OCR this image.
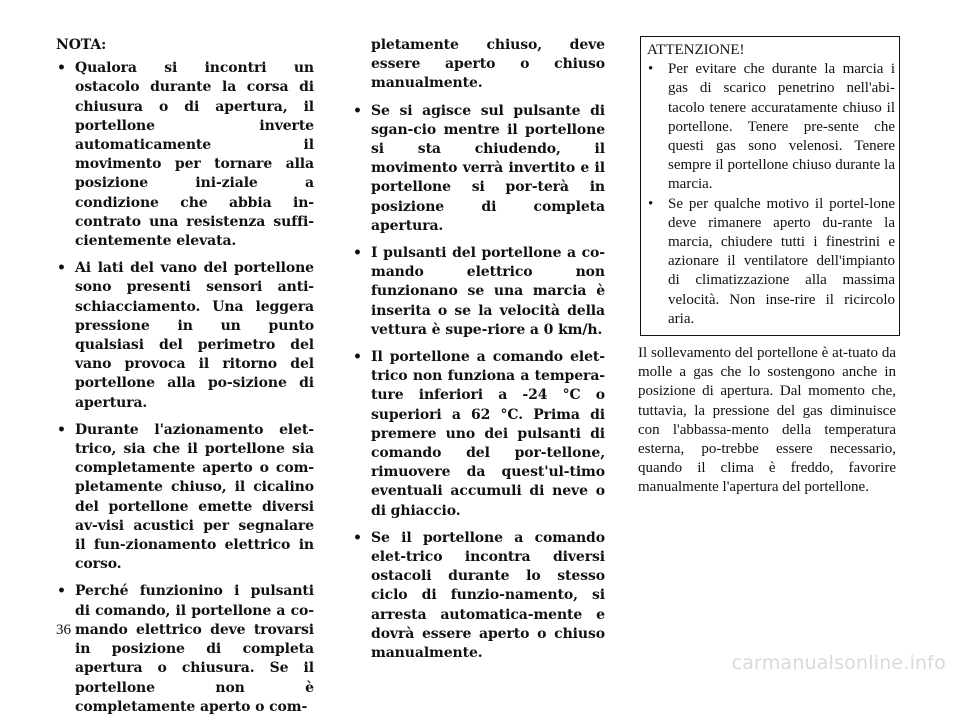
NOTA:
• Qualora si incontri un ostacolo durante la corsa di chiusura o di apertura, il portellone inverte automaticamente il movimento per tornare alla posizione ini-ziale a condizione che abbia in-contrato una resistenza suffi-cientemente elevata.
• Ai lati del vano del portellone sono presenti sensori anti-schiacciamento. Una leggera pressione in un punto qualsiasi del perimetro del vano provoca il ritorno del portellone alla po-sizione di apertura.
• Durante l'azionamento elet-trico, sia che il portellone sia completamente aperto o com-pletamente chiuso, il cicalino del portellone emette diversi av-visi acustici per segnalare il fun-zionamento elettrico in corso.
• Perché funzionino i pulsanti di comando, il portellone a co-mando elettrico deve trovarsi in posizione di completa apertura o chiusura. Se il portellone non è completamente aperto o com-
pletamente chiuso, deve essere aperto o chiuso manualmente.
• Se si agisce sul pulsante di sgan-cio mentre il portellone si sta chiudendo, il movimento verrà invertito e il portellone si por-terà in posizione di completa apertura.
• I pulsanti del portellone a co-mando elettrico non funzionano se una marcia è inserita o se la velocità della vettura è supe-riore a 0 km/h.
• Il portellone a comando elet-trico non funziona a tempera-ture inferiori a -24 °C o superiori a 62 °C. Prima di premere uno dei pulsanti di comando del por-tellone, rimuovere da quest'ul-timo eventuali accumuli di neve o di ghiaccio.
• Se il portellone a comando elet-trico incontra diversi ostacoli durante lo stesso ciclo di funzio-namento, si arresta automatica-mente e dovrà essere aperto o chiuso manualmente.
ATTENZIONE!
• Per evitare che durante la marcia i gas di scarico penetrino nell'abi-tacolo tenere accuratamente chiuso il portellone. Tenere pre-sente che questi gas sono velenosi. Tenere sempre il portellone chiuso durante la marcia.
• Se per qualche motivo il portel-lone deve rimanere aperto du-rante la marcia, chiudere tutti i finestrini e azionare il ventilatore dell'impianto di climatizzazione alla massima velocità. Non inse-rire il ricircolo aria.

Il sollevamento del portellone è at-tuato da molle a gas che lo sostengono anche in posizione di apertura. Dal momento che, tuttavia, la pressione del gas diminuisce con l'abbassa-mento della temperatura esterna, po-trebbe essere necessario, quando il clima è freddo, favorire manualmente l'apertura del portellone.

36
carmanualsonline.info
